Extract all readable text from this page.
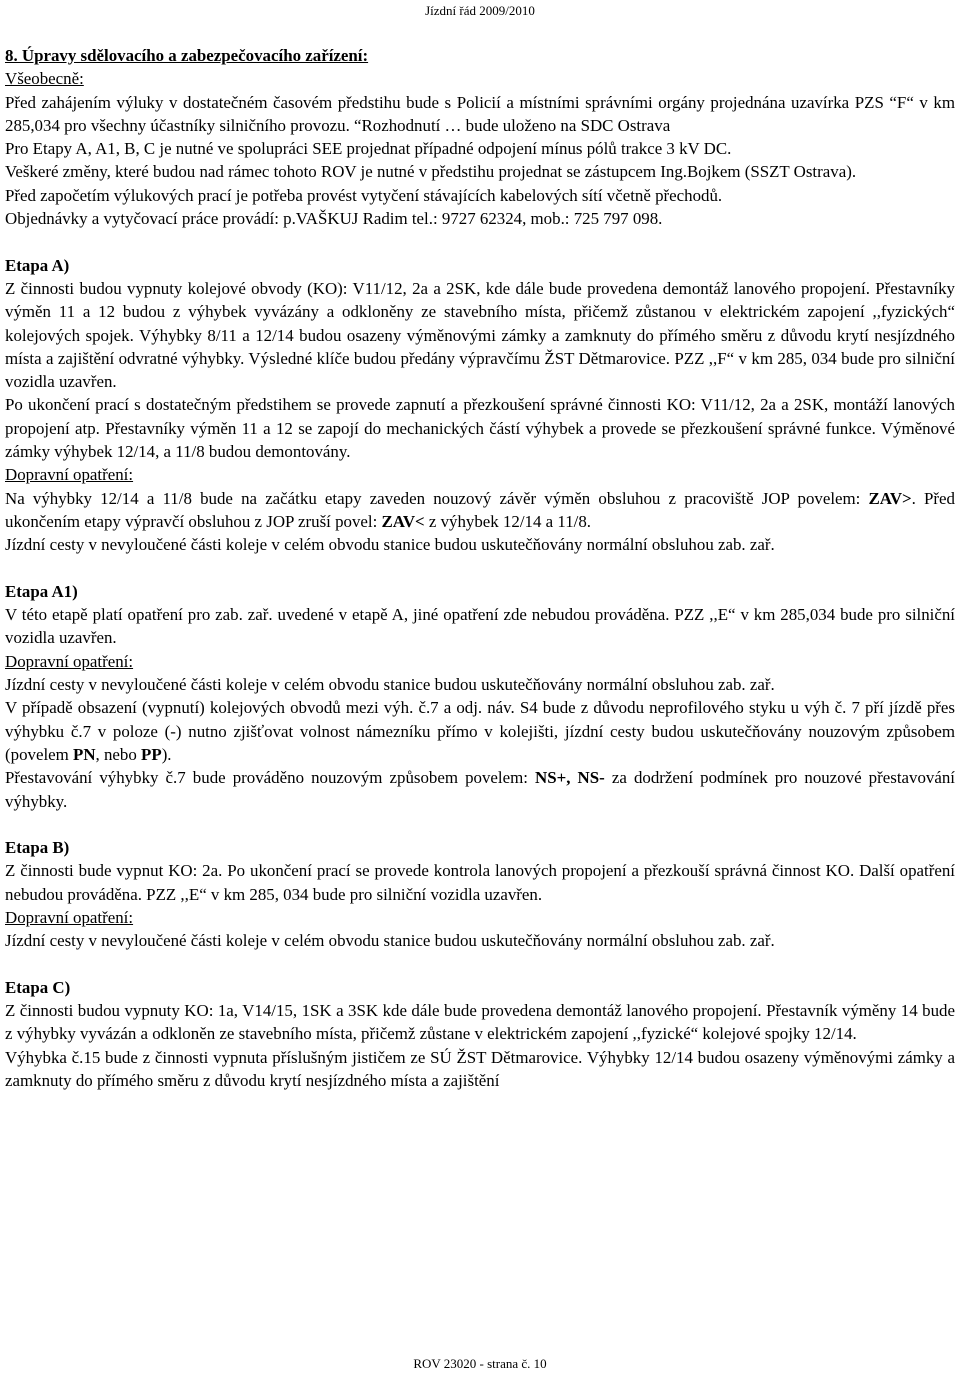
Jízdní řád 2009/2010

8. Úpravy sdělovacího a zabezpečovacího zařízení:

Všeobecně:

Před zahájením výluky v dostatečném časovém předstihu bude s Policií a místními správními orgány projednána uzavírka PZS “F“ v km 285,034 pro všechny účastníky silničního provozu. “Rozhodnutí … bude uloženo na SDC Ostrava

Pro Etapy A, A1, B, C je nutné ve spolupráci SEE projednat případné odpojení mínus pólů trakce 3 kV DC.

Veškeré změny, které budou nad rámec tohoto ROV je nutné v předstihu projednat se zástupcem Ing.Bojkem (SSZT Ostrava).

Před započetím výlukových prací je potřeba provést vytyčení stávajících kabelových sítí včetně přechodů.

Objednávky a vytyčovací práce provádí: p.VAŠKUJ Radim tel.: 9727 62324, mob.: 725 797 098.

Etapa A)

Z činnosti budou vypnuty kolejové obvody (KO): V11/12, 2a a 2SK, kde dále bude provedena demontáž lanového propojení. Přestavníky výměn 11 a 12 budou z výhybek vyvázány a odkloněny ze stavebního místa, přičemž zůstanou v elektrickém zapojení ,,fyzických“ kolejových spojek. Výhybky 8/11 a 12/14 budou osazeny výměnovými zámky a zamknuty do přímého směru z důvodu krytí nesjízdného místa a zajištění odvratné výhybky. Výsledné klíče budou předány výpravčímu ŽST Dětmarovice. PZZ ,,F“ v km 285, 034 bude pro silniční vozidla uzavřen.

Po ukončení prací s dostatečným předstihem se provede zapnutí a přezkoušení správné činnosti KO: V11/12, 2a a 2SK, montáží lanových propojení atp. Přestavníky výměn 11 a 12 se zapojí do mechanických částí výhybek a provede se přezkoušení správné funkce. Výměnové zámky výhybek 12/14, a 11/8 budou demontovány.

Dopravní opatření:

Na výhybky 12/14 a 11/8 bude na začátku etapy zaveden nouzový závěr výměn obsluhou z pracoviště JOP povelem: ZAV>. Před ukončením etapy výpravčí obsluhou z JOP zruší povel: ZAV< z výhybek 12/14 a 11/8.

Jízdní cesty v nevyloučené části koleje v celém obvodu stanice budou uskutečňovány normální obsluhou zab. zař.

Etapa A1)

V této etapě platí opatření pro zab. zař. uvedené v etapě A, jiné opatření zde nebudou prováděna. PZZ ,,E“ v km 285,034 bude pro silniční vozidla uzavřen.

Dopravní opatření:

Jízdní cesty v nevyloučené části koleje v celém obvodu stanice budou uskutečňovány normální obsluhou zab. zař.

V případě obsazení (vypnutí) kolejových obvodů mezi výh. č.7 a odj. náv. S4 bude z důvodu neprofilového styku u výh č. 7 pří jízdě přes výhybku č.7 v poloze (-) nutno zjišťovat volnost námezníku přímo v kolejišti, jízdní cesty budou uskutečňovány nouzovým způsobem (povelem PN, nebo PP).

Přestavování výhybky č.7 bude prováděno nouzovým způsobem povelem: NS+, NS- za dodržení podmínek pro nouzové přestavování výhybky.

Etapa B)

Z činnosti bude vypnut KO: 2a. Po ukončení prací se provede kontrola lanových propojení a přezkouší správná činnost KO. Další opatření nebudou prováděna. PZZ ,,E“ v km 285, 034 bude pro silniční vozidla uzavřen.

Dopravní opatření:

Jízdní cesty v nevyloučené části koleje v celém obvodu stanice budou uskutečňovány normální obsluhou zab. zař.

Etapa C)

Z činnosti budou vypnuty KO: 1a, V14/15, 1SK a 3SK kde dále bude provedena demontáž lanového propojení. Přestavník výměny 14 bude z výhybky vyvázán a odkloněn ze stavebního místa, přičemž zůstane v elektrickém zapojení ,,fyzické“ kolejové spojky 12/14.

Výhybka č.15 bude z činnosti vypnuta příslušným jističem ze SÚ ŽST Dětmarovice. Výhybky 12/14 budou osazeny výměnovými zámky a zamknuty do přímého směru z důvodu krytí nesjízdného místa a zajištění

ROV 23020 - strana č. 10
